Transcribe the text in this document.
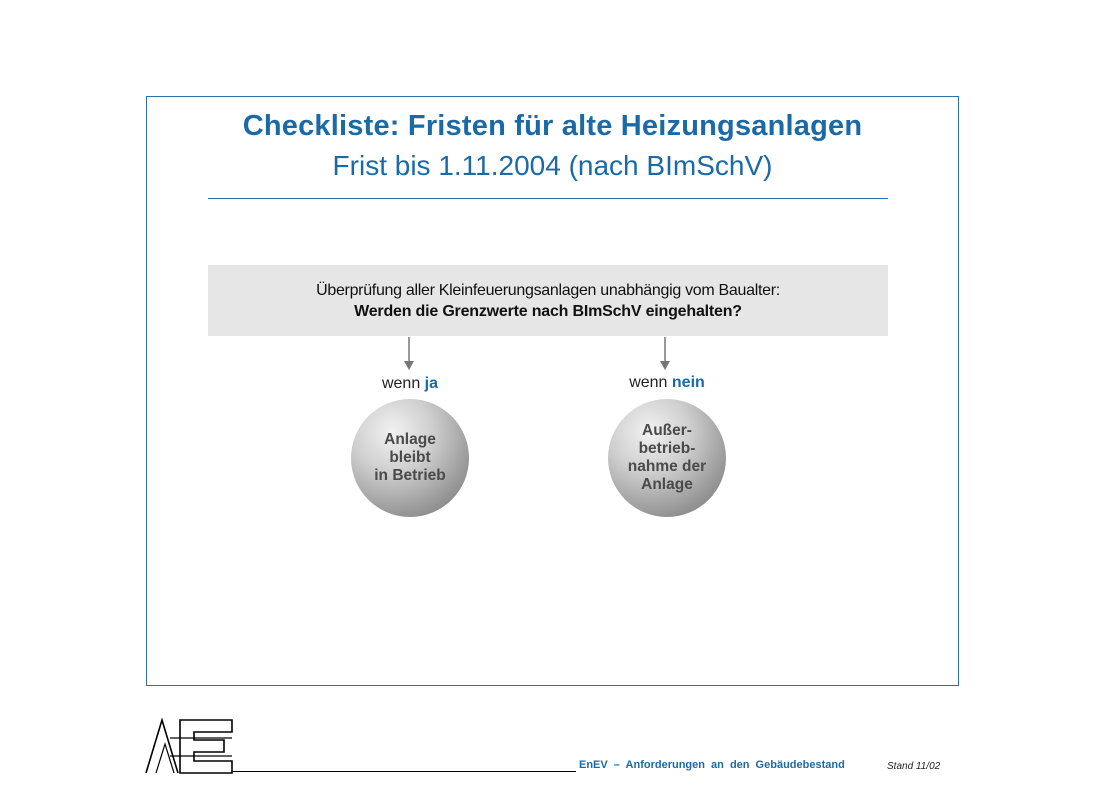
Checkliste: Fristen für alte Heizungsanlagen
Frist bis 1.11.2004 (nach BImSchV)
Überprüfung aller Kleinfeuerungsanlagen unabhängig vom Baualter:
Werden die Grenzwerte nach BImSchV eingehalten?
wenn ja
Anlage
bleibt
in Betrieb
wenn nein
Außer-
betrieb-
nahme der
Anlage
EnEV – Anforderungen an den Gebäudebestand	Stand 11/02
